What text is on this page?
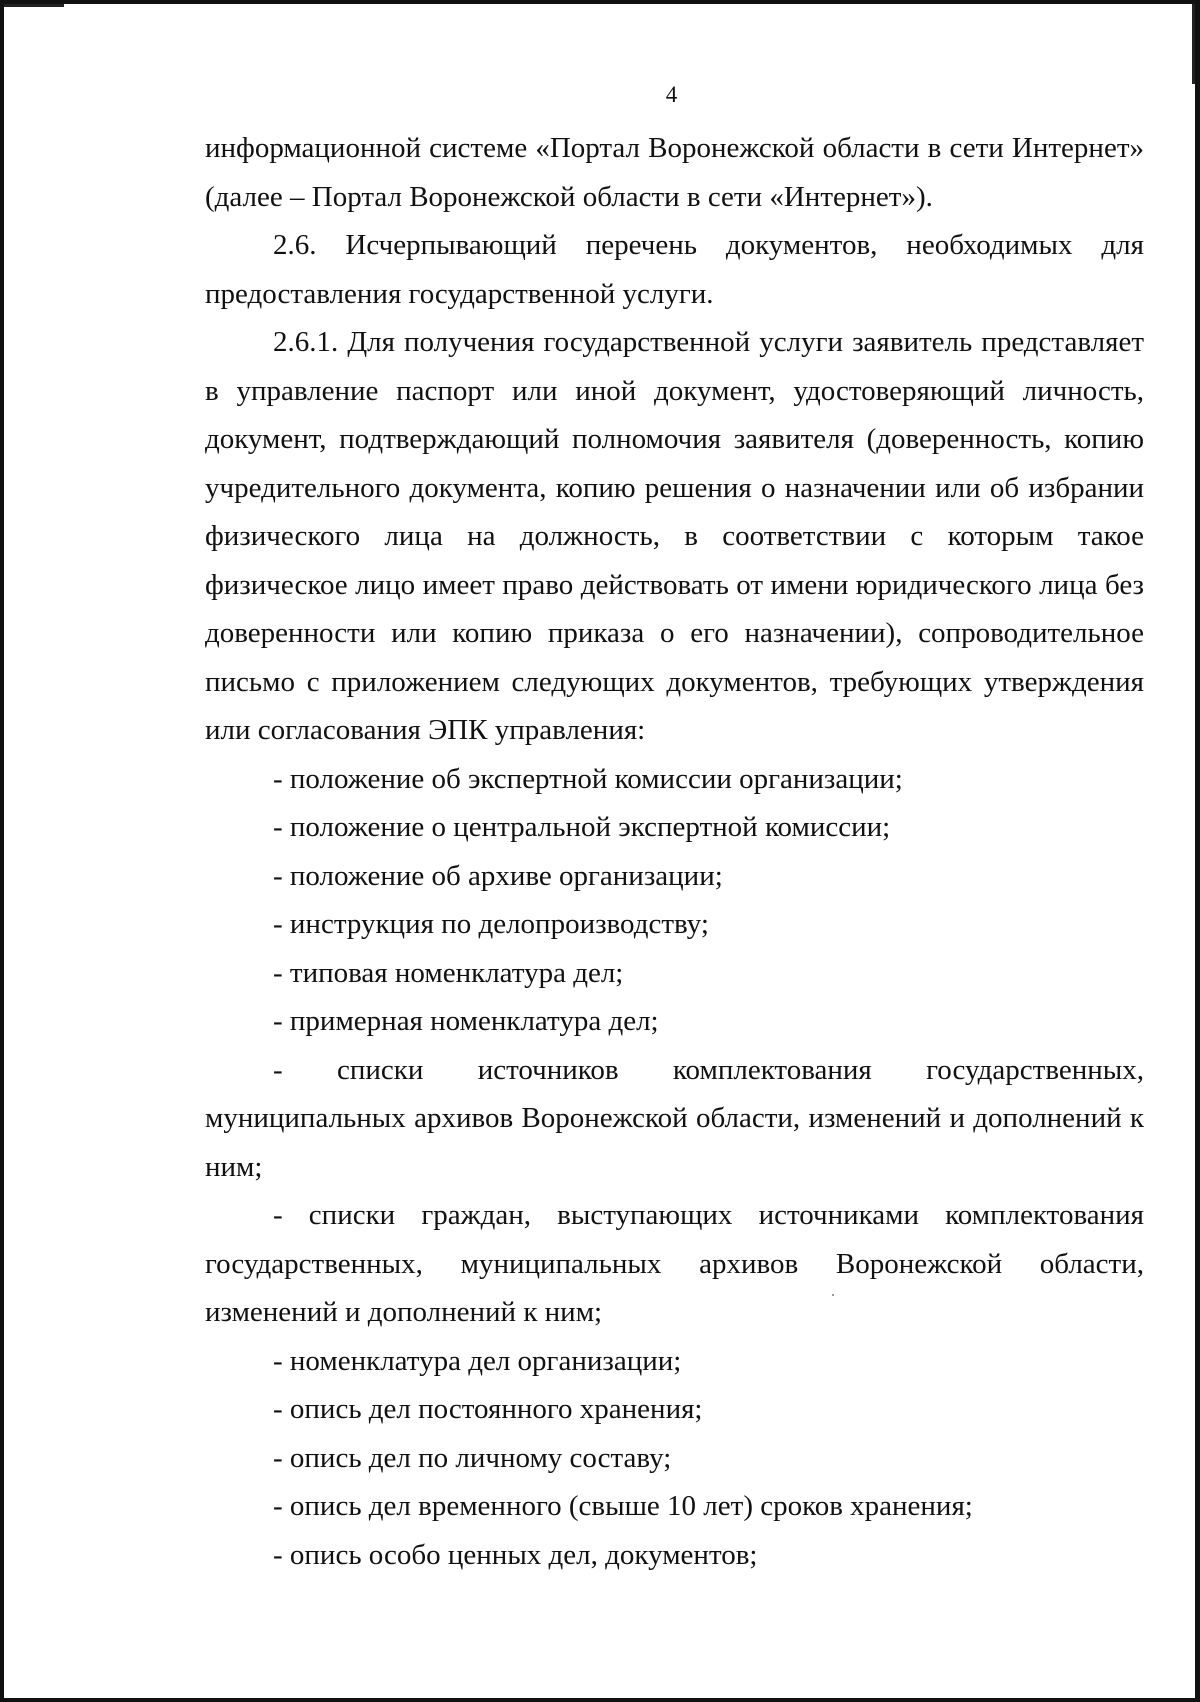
4

информационной системе «Портал Воронежской области в сети Интернет» (далее – Портал Воронежской области в сети «Интернет»).

2.6. Исчерпывающий перечень документов, необходимых для предоставления государственной услуги.

2.6.1. Для получения государственной услуги заявитель представляет в управление паспорт или иной документ, удостоверяющий личность, документ, подтверждающий полномочия заявителя (доверенность, копию учредительного документа, копию решения о назначении или об избрании физического лица на должность, в соответствии с которым такое физическое лицо имеет право действовать от имени юридического лица без доверенности или копию приказа о его назначении), сопроводительное письмо с приложением следующих документов, требующих утверждения или согласования ЭПК управления:

- положение об экспертной комиссии организации;

- положение о центральной экспертной комиссии;

- положение об архиве организации;

- инструкция по делопроизводству;

- типовая номенклатура дел;

- примерная номенклатура дел;

- списки источников комплектования государственных,
муниципальных архивов Воронежской области, изменений и дополнений к ним;
- списки граждан, выступающих источниками комплектования
государственных, муниципальных архивов Воронежской области, изменений и дополнений к ним;

- номенклатура дел организации;

- опись дел постоянного хранения;

- опись дел по личному составу;

- опись дел временного (свыше 10 лет) сроков хранения;

- опись особо ценных дел, документов;
